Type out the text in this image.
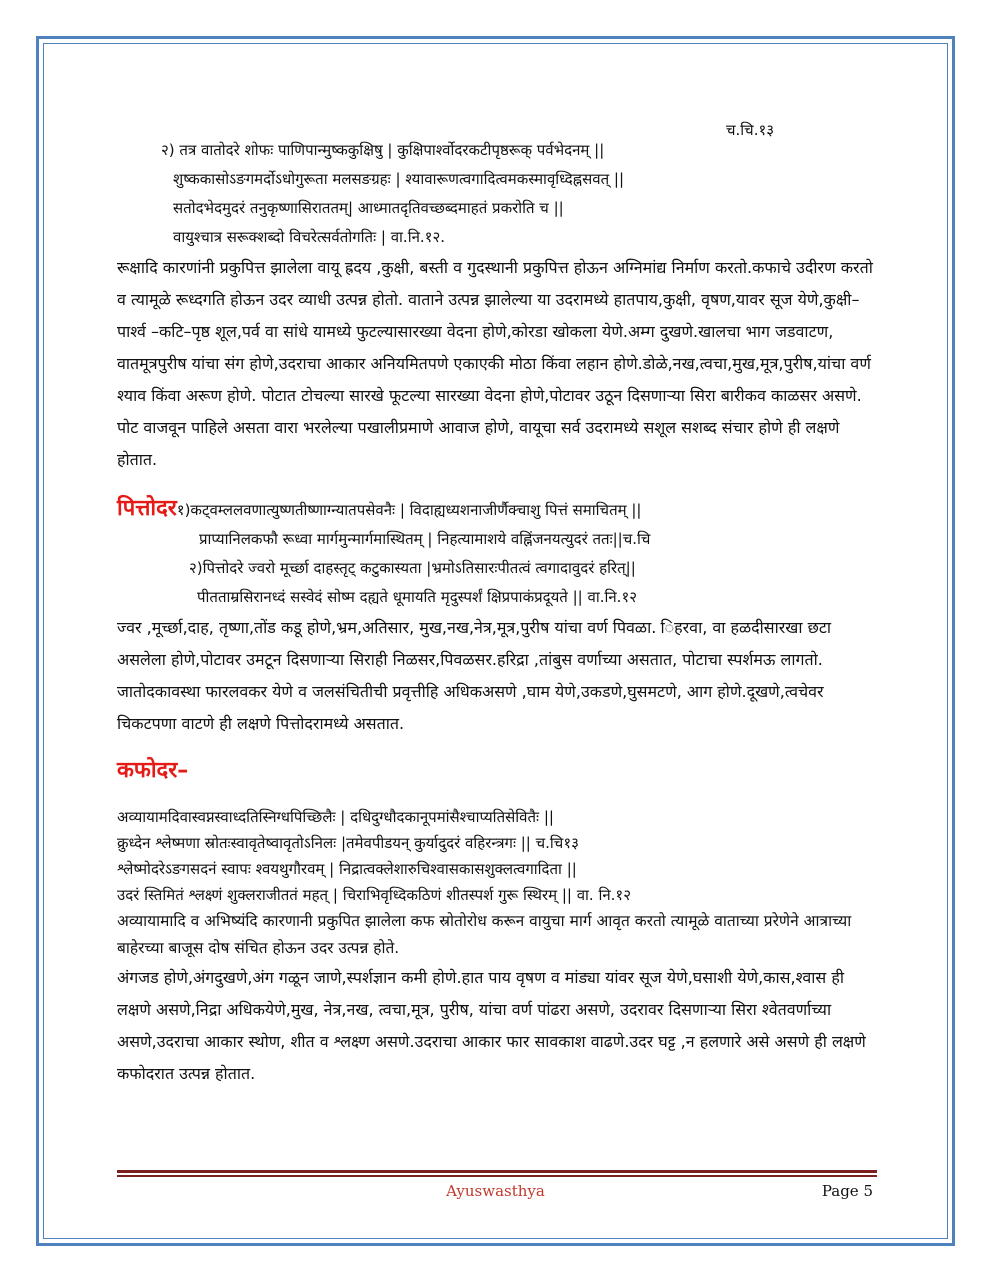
च.चि.१३
२) तत्र वातोदरे शोफः पाणिपान्मुष्ककुक्षिषु | कुक्षिपार्श्वोदरकटीपृष्ठरूक् पर्वभेदनम् ||
शुष्ककासोऽङगमर्दोऽधोगुरूता मलसङग्रहः | श्यावारूणत्वगादित्वमकस्मावृध्दिह्नसवत् ||
सतोदभेदमुदरं तनुकृष्णासिराततम्| आध्मातदृतिवच्छब्दमाहतं प्रकरोति च ||
वायुश्चात्र सरूक्शब्दो विचरेत्सर्वतोगतिः | वा.नि.१२.

रूक्षादि कारणांनी प्रकुपित्त झालेला वायू ह्रदय ,कुक्षी, बस्ती व गुदस्थानी प्रकुपित्त होऊन अग्निमांद्य निर्माण करतो.कफाचे उदीरण करतो व त्यामूळे रूध्दगति होऊन उदर व्याधी उत्पन्न होतो. वाताने उत्पन्न झालेल्या या उदरामध्ये हातपाय,कुक्षी, वृषण,यावर सूज येणे,कुक्षी–पार्श्व –कटि–पृष्ठ शूल,पर्व वा सांधे यामध्ये फुटल्यासारख्या वेदना होणे,कोरडा खोकला येणे.अम्ग दुखणे.खालचा भाग जडवाटण, वातमूत्रपुरीष यांचा संग होणे,उदराचा आकार अनियमितपणे एकाएकी मोठा किंवा लहान होणे.डोळे,नख,त्वचा,मुख,मूत्र,पुरीष,यांचा वर्ण श्याव किंवा अरूण होणे. पोटात टोचल्या सारखे फूटल्या सारख्या वेदना होणे,पोटावर उठून दिसणाऱ्या सिरा बारीकव काळसर असणे. पोट वाजवून पाहिले असता वारा भरलेल्या पखालीप्रमाणे आवाज होणे, वायूचा सर्व उदरामध्ये सशूल सशब्द संचार होणे ही लक्षणे होतात.

पित्तोदर१)कट्वम्ललवणात्युष्णतीष्णाग्न्यातपसेवनैः | विदाह्यध्यशनाजीर्णैक्चाशु पित्तं समाचितम् ||
प्राप्यानिलकफौ रूध्वा मार्गमुन्मार्गमास्थितम् | निहत्यामाशये वह्निंजनयत्युदरं ततः||च.चि
२)पित्तोदरे ज्वरो मूर्च्छा दाहस्तृट् कटुकास्यता |भ्रमोऽतिसारःपीतत्वं त्वगादावुदरं हरित्||
पीतताम्रसिरानध्दं सस्वेदं सोष्म दह्यते धूमायति मृदुस्पर्शं क्षिप्रपाकंप्रदूयते || वा.नि.१२

ज्वर ,मूर्च्छा,दाह, तृष्णा,तोंड कडू होणे,भ्रम,अतिसार, मुख,नख,नेत्र,मूत्र,पुरीष यांचा वर्ण पिवळा. िहरवा, वा हळदीसारखा छटा असलेला होणे,पोटावर उमटून दिसणाऱ्या सिराही निळसर,पिवळसर.हरिद्रा ,तांबुस वर्णाच्या असतात, पोटाचा स्पर्शमऊ लागतो. जातोदकावस्था फारलवकर येणे व जलसंचितीची प्रवृत्तीहि अधिकअसणे ,घाम येणे,उकडणे,घुसमटणे, आग होणे.दूखणे,त्वचेवर चिकटपणा वाटणे ही लक्षणे पित्तोदरामध्ये असतात.

कफोदर–
अव्यायामदिवास्वप्नस्वाध्दतिस्निग्धपिच्छिलैः | दधिदुग्धौदकानूपमांसैश्चाप्यतिसेवितैः ||
क्रुध्देन श्लेष्मणा स्रोतःस्वावृतेष्वावृतोऽनिलः |तमेवपीडयन् कुर्यादुदरं वहिरन्त्रगः || च.चि१३
श्लेष्मोदरेऽङगसदनं स्वापः श्वयथुगौरवम् | निद्रात्वक्लेशारुचिश्वासकासशुक्लत्वगादिता ||
उदरं स्तिमितं श्लक्ष्णं शुक्लराजीततं महत् | चिराभिवृध्दिकठिणं शीतस्पर्श गुरू स्थिरम् || वा. नि.१२

अव्यायामादि व अभिष्यंदि कारणानी प्रकुपित झालेला कफ स्रोतोरोध करून वायुचा मार्ग आवृत करतो त्यामूळे वाताच्या प्ररेणेने आत्राच्या बाहेरच्या बाजूस दोष संचित होऊन उदर उत्पन्न होते.

अंगजड होणे,अंगदुखणे,अंग गळून जाणे,स्पर्शज्ञान कमी होणे.हात पाय वृषण व मांड्या यांवर सूज येणे,घसाशी येणे,कास,श्वास ही लक्षणे असणे,निद्रा अधिकयेणे,मुख, नेत्र,नख, त्वचा,मूत्र, पुरीष, यांचा वर्ण पांढरा असणे, उदरावर दिसणाऱ्या सिरा श्वेतवर्णाच्या असणे,उदराचा आकार स्थोण, शीत व श्लक्ष्ण असणे.उदराचा आकार फार सावकाश वाढणे.उदर घट्ट ,न हलणारे असे असणे ही लक्षणे कफोदरात उत्पन्न होतात.

Ayuswasthya	Page 5
